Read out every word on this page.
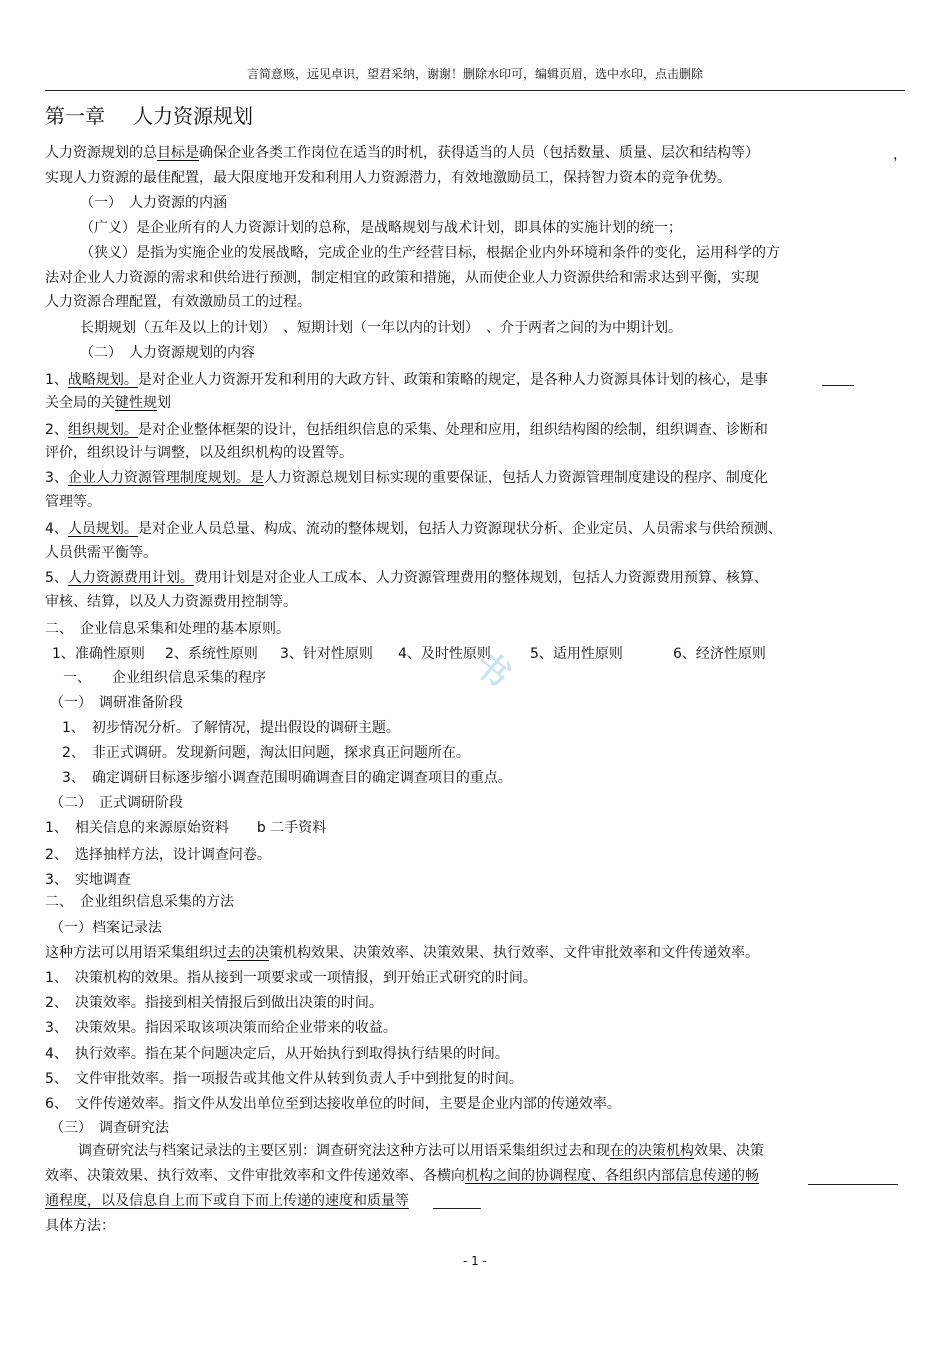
言简意赅，远见卓识，望君采纳，谢谢！删除水印可，编辑页眉，选中水印，点击删除
第一章 人力资源规划
人力资源规划的总目标是确保企业各类工作岗位在适当的时机，获得适当的人员（包括数量、质量、层次和结构等）	，
实现人力资源的最佳配置，最大限度地开发和利用人力资源潜力，有效地激励员工，保持智力资本的竞争优势。
（一）　人力资源的内涵
（广义）是企业所有的人力资源计划的总称，是战略规划与战术计划，即具体的实施计划的统一；
（狭义）是指为实施企业的发展战略，完成企业的生产经营目标，根据企业内外环境和条件的变化，运用科学的方
法对企业人力资源的需求和供给进行预测，制定相宜的政策和措施，从而使企业人力资源供给和需求达到平衡，实现
人力资源合理配置，有效激励员工的过程。
长期规划（五年及以上的计划）　、短期计划（一年以内的计划）　、介于两者之间的为中期计划。
（二）　人力资源规划的内容
1、战略规划。是对企业人力资源开发和利用的大政方针、政策和策略的规定，是各种人力资源具体计划的核心，是事
关全局的关键性规划
2、组织规划。是对企业整体框架的设计，包括组织信息的采集、处理和应用，组织结构图的绘制，组织调查、诊断和
评价，组织设计与调整，以及组织机构的设置等。
3、企业人力资源管理制度规划。是人力资源总规划目标实现的重要保证，包括人力资源管理制度建设的程序、制度化
管理等。
4、人员规划。是对企业人员总量、构成、流动的整体规划，包括人力资源现状分析、企业定员、人员需求与供给预测、
人员供需平衡等。
5、人力资源费用计划。费用计划是对企业人工成本、人力资源管理费用的整体规划，包括人力资源费用预算、核算、
审核、结算，以及人力资源费用控制等。
二、　企业信息采集和处理的基本原则。
1、准确性原则	2、系统性原则	3、针对性原则	4、及时性原则	5、适用性原则	6、经济性原则
一、　　企业组织信息采集的程序
（一）　调研准备阶段
1、　初步情况分析。了解情况，提出假设的调研主题。
2、　非正式调研。发现新问题，淘汰旧问题，探求真正问题所在。
3、　确定调研目标逐步缩小调查范围明确调查目的确定调查项目的重点。
（二）　正式调研阶段
1、　相关信息的来源原始资料　　b 二手资料
2、　选择抽样方法，设计调查问卷。
3、　实地调查
二、　企业组织信息采集的方法
（一）档案记录法
这种方法可以用语采集组织过去的决策机构效果、决策效率、决策效果、执行效率、文件审批效率和文件传递效率。
1、　决策机构的效果。指从接到一项要求或一项情报，到开始正式研究的时间。
2、　决策效率。指接到相关情报后到做出决策的时间。
3、　决策效果。指因采取该项决策而给企业带来的收益。
4、　执行效率。指在某个问题决定后，从开始执行到取得执行结果的时间。
5、　文件审批效率。指一项报告或其他文件从转到负责人手中到批复的时间。
6、　文件传递效率。指文件从发出单位至到达接收单位的时间，主要是企业内部的传递效率。
（三）　调查研究法
调查研究法与档案记录法的主要区别：调查研究法这种方法可以用语采集组织过去和现在的决策机构效果、决策
效率、决策效果、执行效率、文件审批效率和文件传递效率、各横向机构之间的协调程度、各组织内部信息传递的畅
通程度，以及信息自上而下或自下而上传递的速度和质量等
具体方法：
书
- 1 -
